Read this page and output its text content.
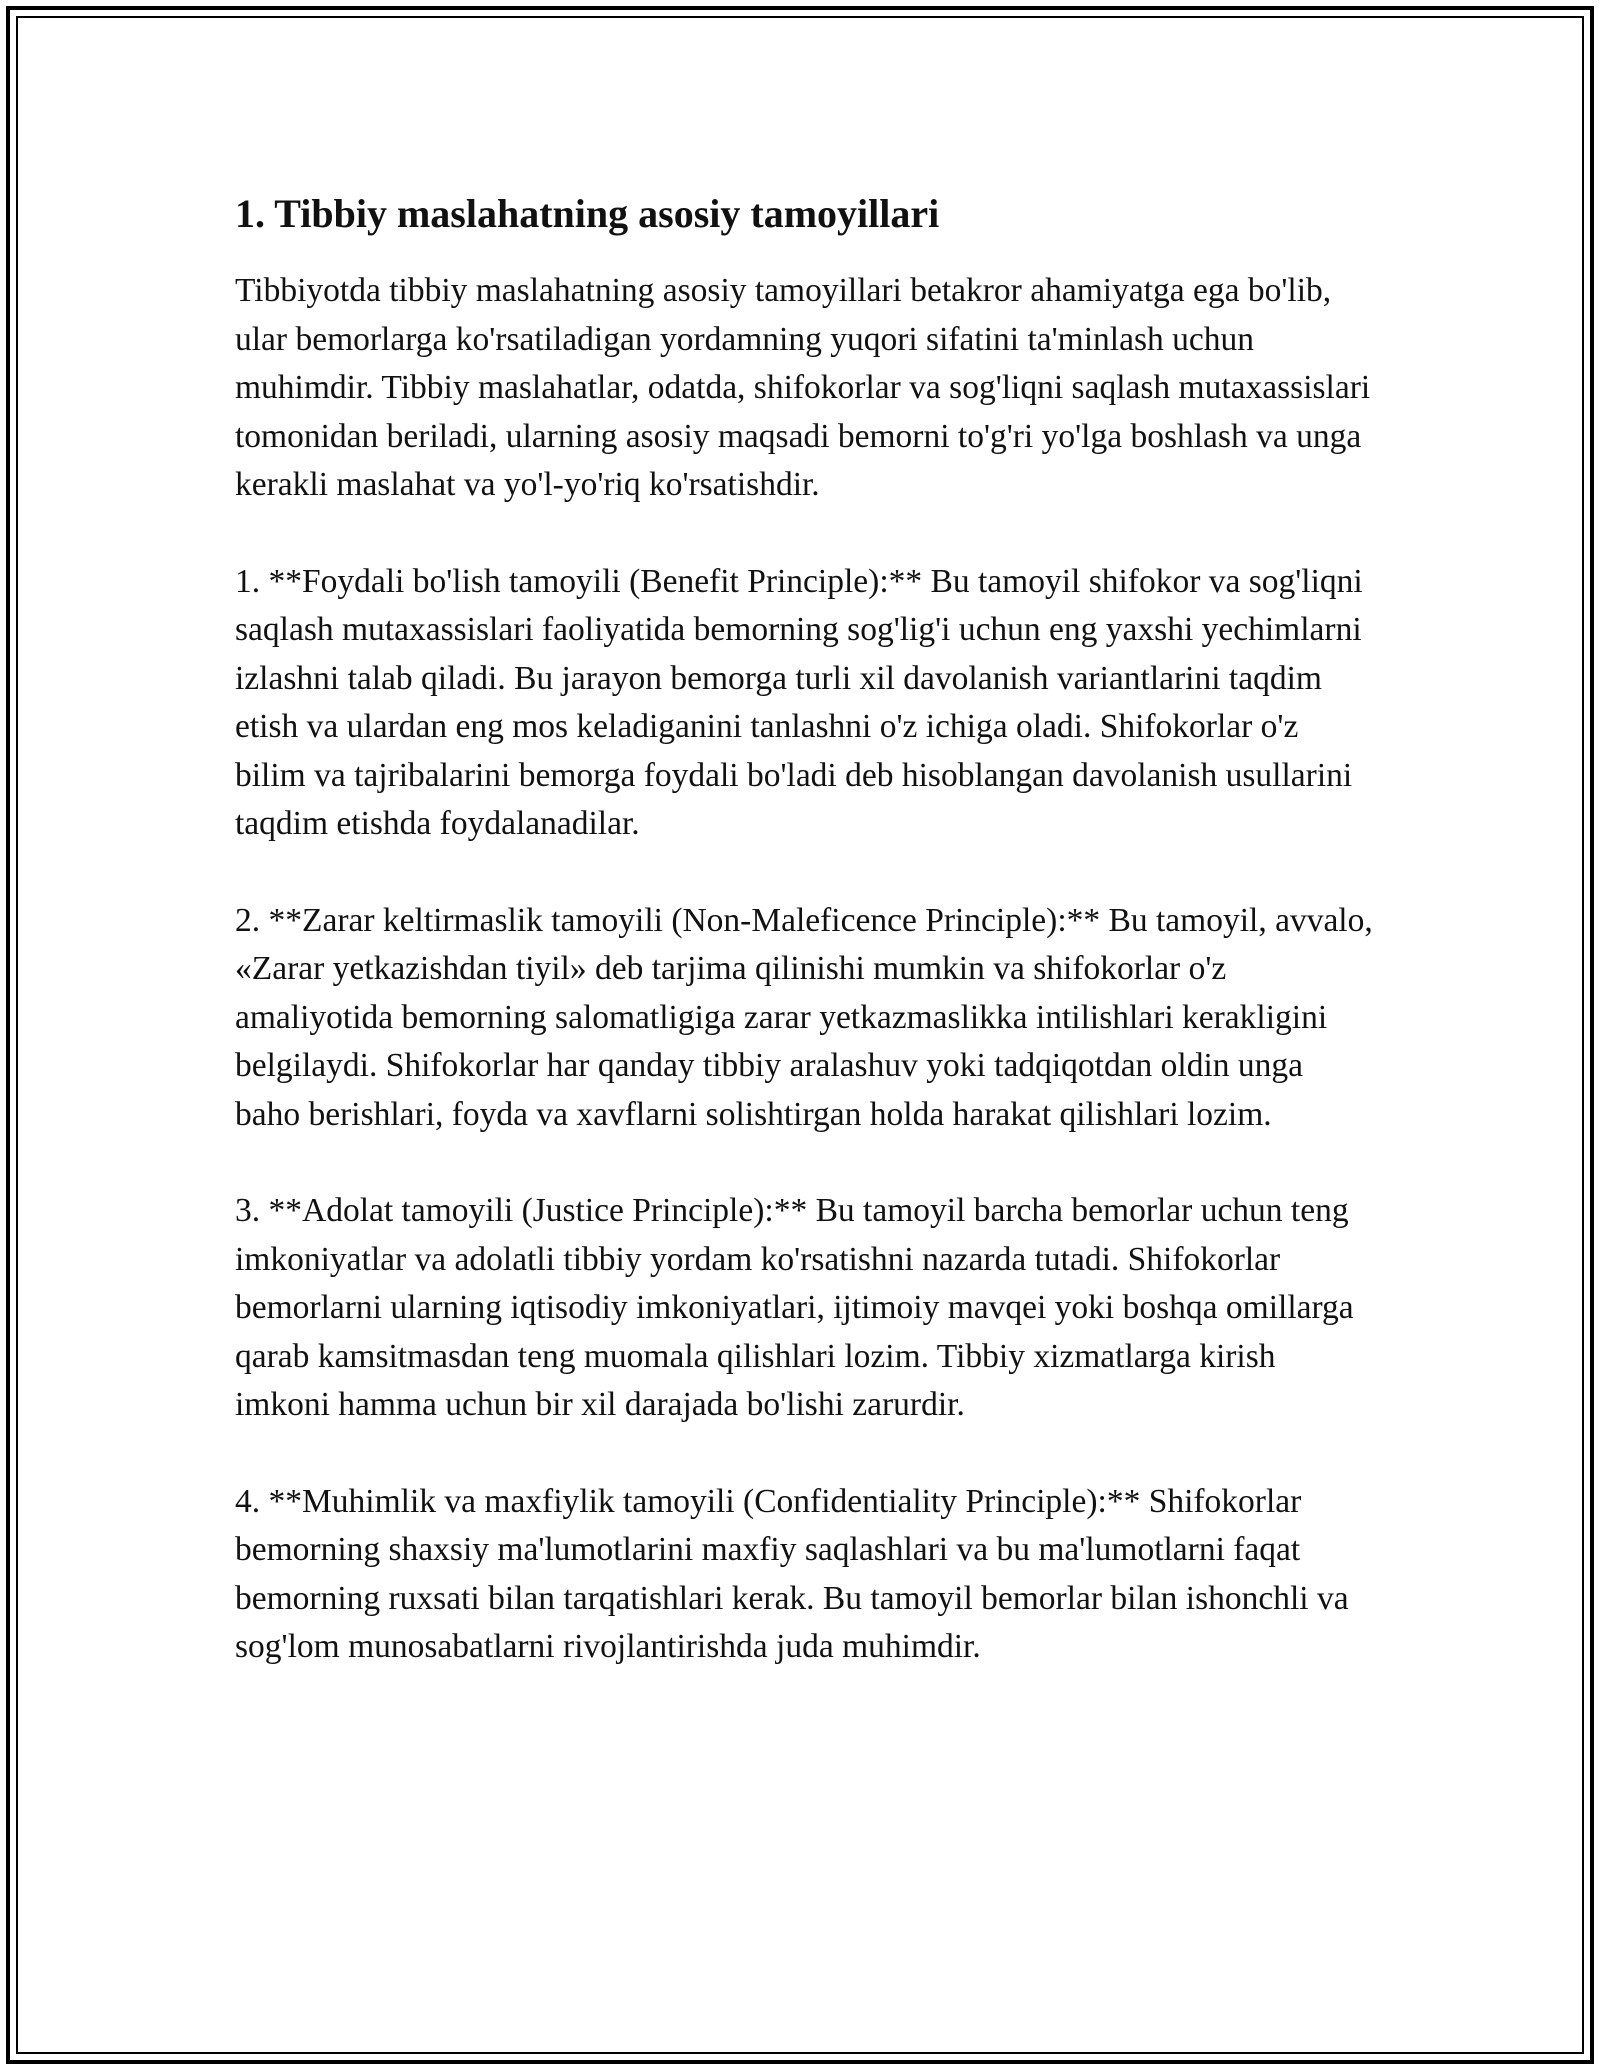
1. Tibbiy maslahatning asosiy tamoyillari

Tibbiyotda tibbiy maslahatning asosiy tamoyillari betakror ahamiyatga ega bo'lib, ular bemorlarga ko'rsatiladigan yordamning yuqori sifatini ta'minlash uchun muhimdir. Tibbiy maslahatlar, odatda, shifokorlar va sog'liqni saqlash mutaxassislari tomonidan beriladi, ularning asosiy maqsadi bemorni to'g'ri yo'lga boshlash va unga kerakli maslahat va yo'l-yo'riq ko'rsatishdir.

1. **Foydali bo'lish tamoyili (Benefit Principle):** Bu tamoyil shifokor va sog'liqni saqlash mutaxassislari faoliyatida bemorning sog'lig'i uchun eng yaxshi yechimlarni izlashni talab qiladi. Bu jarayon bemorga turli xil davolanish variantlarini taqdim etish va ulardan eng mos keladiganini tanlashni o'z ichiga oladi. Shifokorlar o'z bilim va tajribalarini bemorga foydali bo'ladi deb hisoblangan davolanish usullarini taqdim etishda foydalanadilar.

2. **Zarar keltirmaslik tamoyili (Non-Maleficence Principle):** Bu tamoyil, avvalo, «Zarar yetkazishdan tiyil» deb tarjima qilinishi mumkin va shifokorlar o'z amaliyotida bemorning salomatligiga zarar yetkazmaslikka intilishlari kerakligini belgilaydi. Shifokorlar har qanday tibbiy aralashuv yoki tadqiqotdan oldin unga baho berishlari, foyda va xavflarni solishtirgan holda harakat qilishlari lozim.

3. **Adolat tamoyili (Justice Principle):** Bu tamoyil barcha bemorlar uchun teng imkoniyatlar va adolatli tibbiy yordam ko'rsatishni nazarda tutadi. Shifokorlar bemorlarni ularning iqtisodiy imkoniyatlari, ijtimoiy mavqei yoki boshqa omillarga qarab kamsitmasdan teng muomala qilishlari lozim. Tibbiy xizmatlarga kirish imkoni hamma uchun bir xil darajada bo'lishi zarurdir.

4. **Muhimlik va maxfiylik tamoyili (Confidentiality Principle):** Shifokorlar bemorning shaxsiy ma'lumotlarini maxfiy saqlashlari va bu ma'lumotlarni faqat bemorning ruxsati bilan tarqatishlari kerak. Bu tamoyil bemorlar bilan ishonchli va sog'lom munosabatlarni rivojlantirishda juda muhimdir.
